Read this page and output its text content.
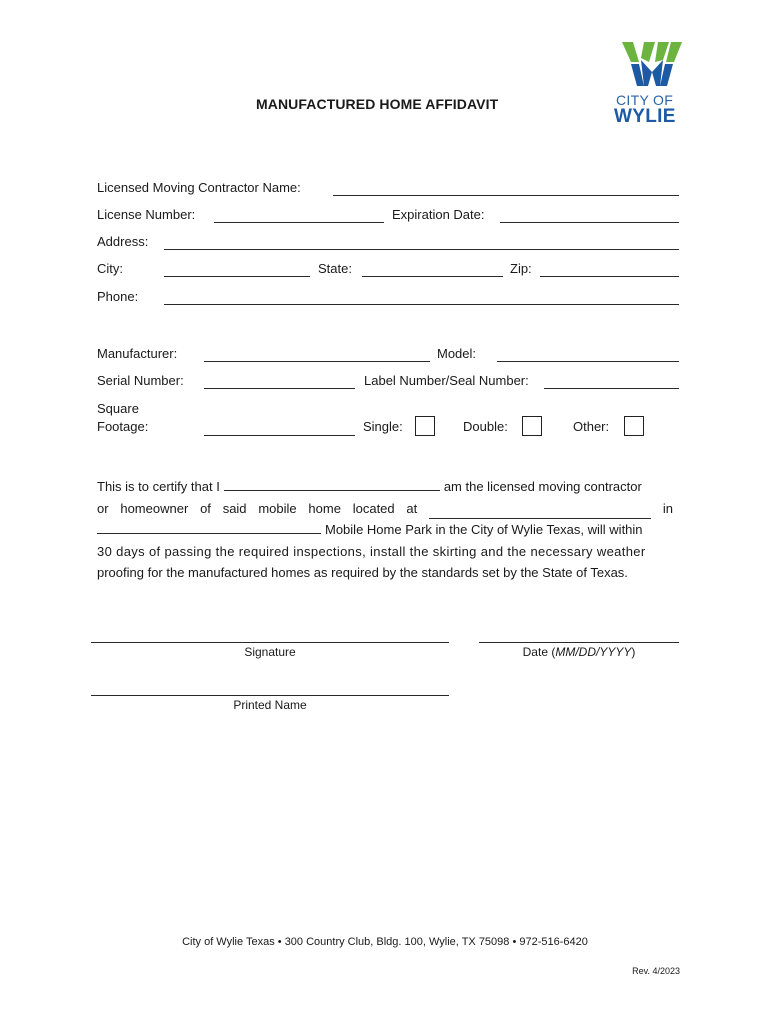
CITY OF
WYLIE
MANUFACTURED HOME AFFIDAVIT
Licensed Moving Contractor Name:
License Number:	Expiration Date:
Address:
City:	State:	Zip:
Phone:
Manufacturer:	Model:
Serial Number:	Label Number/Seal Number:
Square
Footage:	Single:	Double:	Other:
This is to certify that I	am the licensed moving contractor
or homeowner of said mobile home located at	in
Mobile Home Park in the City of Wylie Texas, will within
30 days of passing the required inspections, install the skirting and the necessary weather
proofing for the manufactured homes as required by the standards set by the State of Texas.
Signature	Date (MM/DD/YYYY)
Printed Name
City of Wylie Texas • 300 Country Club, Bldg. 100, Wylie, TX 75098 • 972-516-6420
Rev. 4/2023
